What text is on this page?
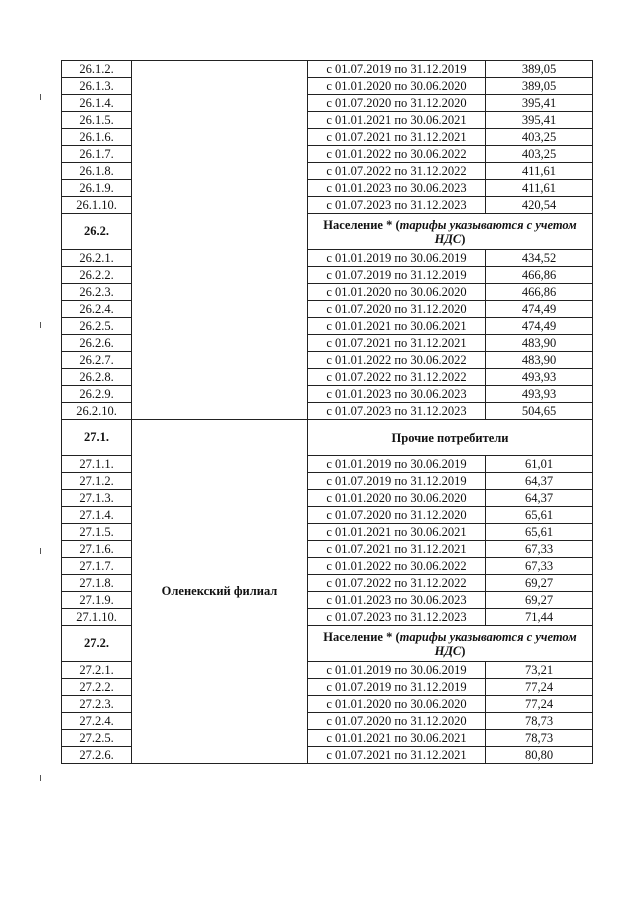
26.1.2.		с 01.07.2019 по 31.12.2019	389,05
26.1.3.		с 01.01.2020 по 30.06.2020	389,05
26.1.4.		с 01.07.2020 по 31.12.2020	395,41
26.1.5.		с 01.01.2021 по 30.06.2021	395,41
26.1.6.		с 01.07.2021 по 31.12.2021	403,25
26.1.7.		с 01.01.2022 по 30.06.2022	403,25
26.1.8.		с 01.07.2022 по 31.12.2022	411,61
26.1.9.		с 01.01.2023 по 30.06.2023	411,61
26.1.10.		с 01.07.2023 по 31.12.2023	420,54
26.2.		Население * (тарифы указываются с учетом НДС)	
26.2.1.		с 01.01.2019 по 30.06.2019	434,52
26.2.2.		с 01.07.2019 по 31.12.2019	466,86
26.2.3.		с 01.01.2020 по 30.06.2020	466,86
26.2.4.		с 01.07.2020 по 31.12.2020	474,49
26.2.5.		с 01.01.2021 по 30.06.2021	474,49
26.2.6.		с 01.07.2021 по 31.12.2021	483,90
26.2.7.		с 01.01.2022 по 30.06.2022	483,90
26.2.8.		с 01.07.2022 по 31.12.2022	493,93
26.2.9.		с 01.01.2023 по 30.06.2023	493,93
26.2.10.		с 01.07.2023 по 31.12.2023	504,65
27.1.	Оленекский филиал	Прочие потребители	
27.1.1.		с 01.01.2019 по 30.06.2019	61,01
27.1.2.		с 01.07.2019 по 31.12.2019	64,37
27.1.3.		с 01.01.2020 по 30.06.2020	64,37
27.1.4.		с 01.07.2020 по 31.12.2020	65,61
27.1.5.		с 01.01.2021 по 30.06.2021	65,61
27.1.6.		с 01.07.2021 по 31.12.2021	67,33
27.1.7.		с 01.01.2022 по 30.06.2022	67,33
27.1.8.		с 01.07.2022 по 31.12.2022	69,27
27.1.9.		с 01.01.2023 по 30.06.2023	69,27
27.1.10.		с 01.07.2023 по 31.12.2023	71,44
27.2.		Население * (тарифы указываются с учетом НДС)	
27.2.1.		с 01.01.2019 по 30.06.2019	73,21
27.2.2.		с 01.07.2019 по 31.12.2019	77,24
27.2.3.		с 01.01.2020 по 30.06.2020	77,24
27.2.4.		с 01.07.2020 по 31.12.2020	78,73
27.2.5.		с 01.01.2021 по 30.06.2021	78,73
27.2.6.		с 01.07.2021 по 31.12.2021	80,80
